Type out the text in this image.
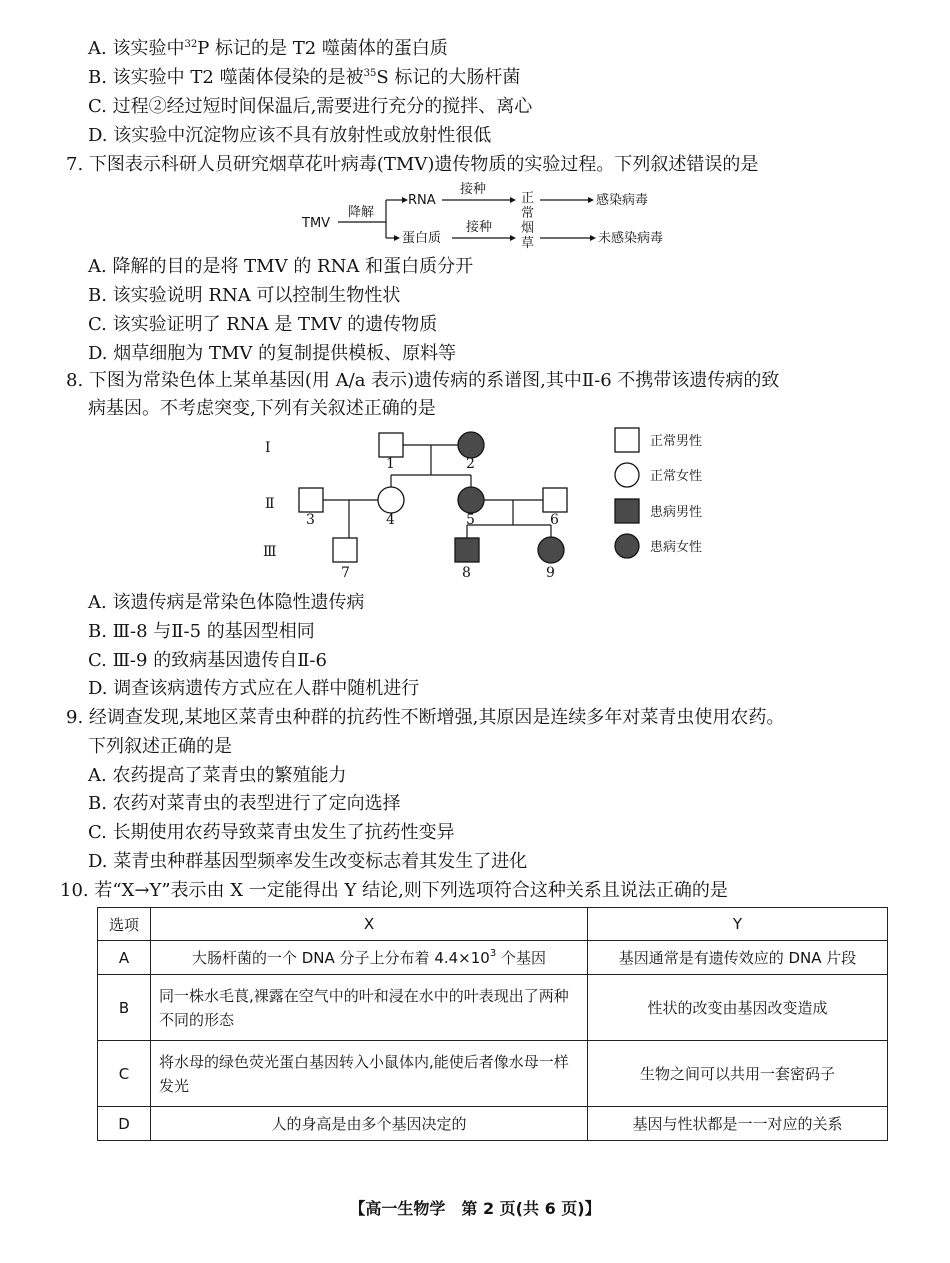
A. 该实验中$^{32}$P 标记的是 T2 噬菌体的蛋白质
B. 该实验中 T2 噬菌体侵染的是被$^{35}$S 标记的大肠杆菌
C. 过程②经过短时间保温后,需要进行充分的搅拌、离心
D. 该实验中沉淀物应该不具有放射性或放射性很低
7. 下图表示科研人员研究烟草花叶病毒(TMV)遗传物质的实验过程。下列叙述错误的是
TMV
降解
RNA
蛋白质
接种
接种
正
常
烟
草
感染病毒
未感染病毒
A. 降解的目的是将 TMV 的 RNA 和蛋白质分开
B. 该实验说明 RNA 可以控制生物性状
C. 该实验证明了 RNA 是 TMV 的遗传物质
D. 烟草细胞为 TMV 的复制提供模板、原料等
8. 下图为常染色体上某单基因(用 A/a 表示)遗传病的系谱图,其中Ⅱ-6 不携带该遗传病的致
病基因。不考虑突变,下列有关叙述正确的是
Ⅰ
Ⅱ
Ⅲ
1	2
3	4	5	6
7	8	9
正常男性
正常女性
患病男性
患病女性
A. 该遗传病是常染色体隐性遗传病
B. Ⅲ-8 与Ⅱ-5 的基因型相同
C. Ⅲ-9 的致病基因遗传自Ⅱ-6
D. 调查该病遗传方式应在人群中随机进行
9. 经调查发现,某地区菜青虫种群的抗药性不断增强,其原因是连续多年对菜青虫使用农药。
下列叙述正确的是
A. 农药提高了菜青虫的繁殖能力
B. 农药对菜青虫的表型进行了定向选择
C. 长期使用农药导致菜青虫发生了抗药性变异
D. 菜青虫种群基因型频率发生改变标志着其发生了进化
10. 若“X→Y”表示由 X 一定能得出 Y 结论,则下列选项符合这种关系且说法正确的是
选项	X	Y
A	大肠杆菌的一个 DNA 分子上分布着 $4.4\times 10^3$ 个基因	基因通常是有遗传效应的 DNA 片段
B	同一株水毛茛,裸露在空气中的叶和浸在水中的叶表现出了两种不同的形态	性状的改变由基因改变造成
C	将水母的绿色荧光蛋白基因转入小鼠体内,能使后者像水母一样发光	生物之间可以共用一套密码子
D	人的身高是由多个基因决定的	基因与性状都是一一对应的关系
【高一生物学　第 2 页(共 6 页)】
